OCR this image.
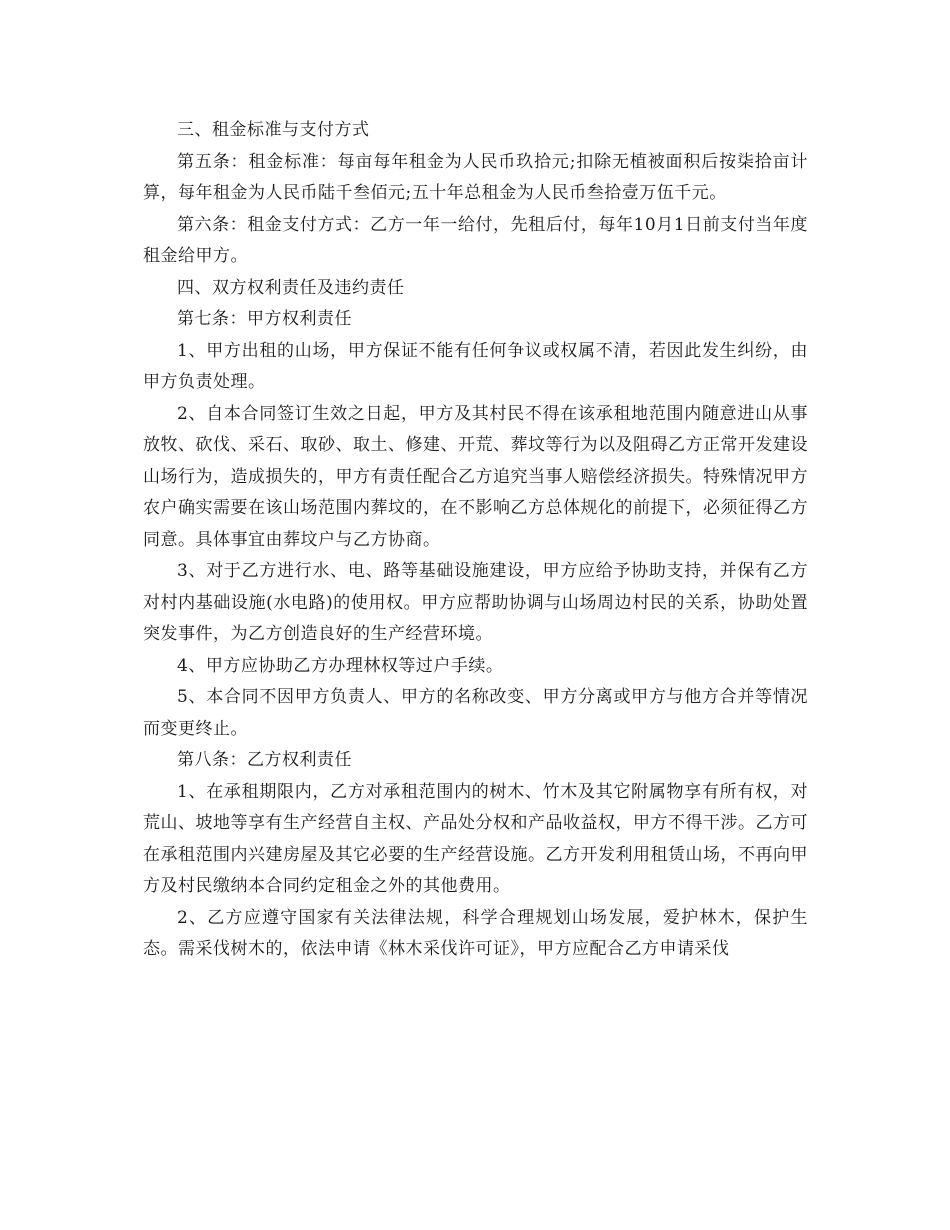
三、租金标准与支付方式

第五条：租金标准：每亩每年租金为人民币玖拾元;扣除无植被面积后按柒拾亩计算，每年租金为人民币陆千叁佰元;五十年总租金为人民币叁拾壹万伍千元。

第六条：租金支付方式：乙方一年一给付，先租后付，每年10月1日前支付当年度租金给甲方。

四、双方权利责任及违约责任

第七条：甲方权利责任

1、甲方出租的山场，甲方保证不能有任何争议或权属不清，若因此发生纠纷，由甲方负责处理。

2、自本合同签订生效之日起，甲方及其村民不得在该承租地范围内随意进山从事放牧、砍伐、采石、取砂、取土、修建、开荒、葬坟等行为以及阻碍乙方正常开发建设山场行为，造成损失的，甲方有责任配合乙方追究当事人赔偿经济损失。特殊情况甲方农户确实需要在该山场范围内葬坟的，在不影响乙方总体规化的前提下，必须征得乙方同意。具体事宜由葬坟户与乙方协商。

3、对于乙方进行水、电、路等基础设施建设，甲方应给予协助支持，并保有乙方对村内基础设施(水电路)的使用权。甲方应帮助协调与山场周边村民的关系，协助处置突发事件，为乙方创造良好的生产经营环境。

4、甲方应协助乙方办理林权等过户手续。

5、本合同不因甲方负责人、甲方的名称改变、甲方分离或甲方与他方合并等情况而变更终止。

第八条：乙方权利责任

1、在承租期限内，乙方对承租范围内的树木、竹木及其它附属物享有所有权，对荒山、坡地等享有生产经营自主权、产品处分权和产品收益权，甲方不得干涉。乙方可在承租范围内兴建房屋及其它必要的生产经营设施。乙方开发利用租赁山场，不再向甲方及村民缴纳本合同约定租金之外的其他费用。

2、乙方应遵守国家有关法律法规，科学合理规划山场发展，爱护林木，保护生态。需采伐树木的，依法申请《林木采伐许可证》，甲方应配合乙方申请采伐
